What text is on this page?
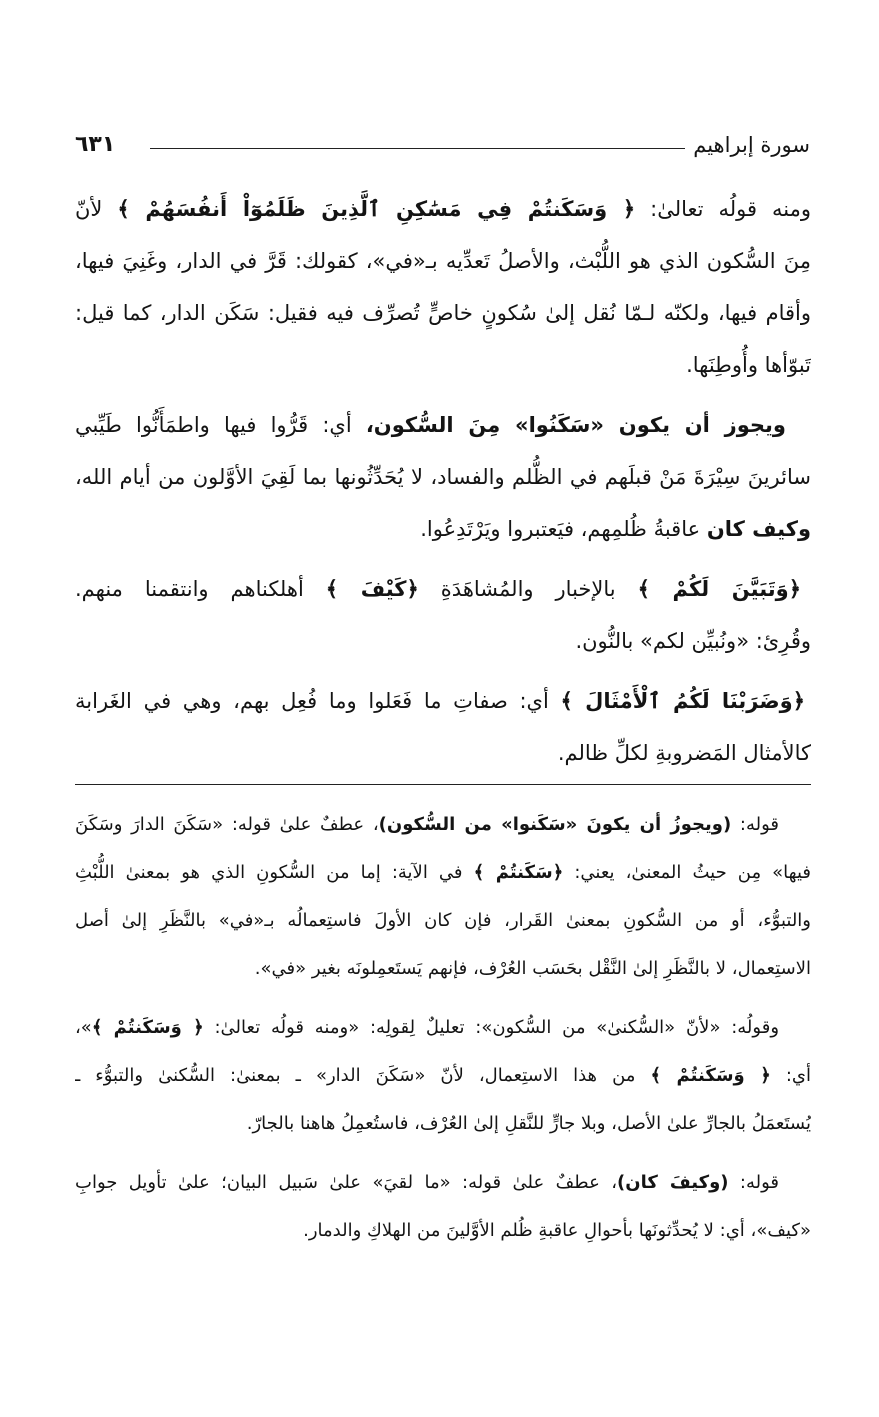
سورة إبراهيم
٦٣١
ومنه قولُه تعالىٰ: ﴿ وَسَكَنتُمْ فِي مَسَٰكِنِ ٱلَّذِينَ ظَلَمُوٓاْ أَنفُسَهُمْ ﴾ لأنّ
مِنَ السُّكون الذي هو اللُّبْث، والأصلُ تَعدِّيه بـ«في»، كقولك: قَرَّ في الدار، وغَنِيَ فيها،
وأقام فيها، ولكنّه لـمّا نُقل إلىٰ سُكونٍ خاصٍّ تُصرِّف فيه فقيل: سَكَن الدار، كما قيل:
تَبوّأها وأُوطِنَها.
ويجوز أن يكون «سَكَنُوا» مِنَ السُّكون، أي: قَرُّوا فيها واطمَأَنُّوا طَيِّبي
سائرينَ سِيْرَةَ مَنْ قبلَهم في الظُّلم والفساد، لا يُحَدِّثُونها بما لَقِيَ الأوَّلون من أيام الله،
وكيف كان عاقبةُ ظُلمِهم، فيَعتبروا ويَرْتَدِعُوا.
﴿وَتَبَيَّنَ لَكُمْ ﴾ بالإخبار والمُشاهَدَةِ ﴿كَيْفَ ﴾ أهلكناهم وانتقمنا منهم.
وقُرِئ: «ونُبيِّن لكم» بالنُّون.
﴿وَضَرَبْنَا لَكُمُ ٱلْأَمْثَالَ ﴾ أي: صفاتِ ما فَعَلوا وما فُعِل بهم، وهي في الغَرابة
كالأمثال المَضروبةِ لكلِّ ظالم.
قوله: (ويجوزُ أن يكونَ «سَكَنوا» من السُّكون)، عطفٌ علىٰ قوله: «سَكَنَ الدارَ وسَكَنَ
فيها» مِن حيثُ المعنىٰ، يعني: ﴿سَكَنتُمْ ﴾ في الآية: إما من السُّكونِ الذي هو بمعنىٰ اللُّبْثِ
والتبوُّء، أو من السُّكونِ بمعنىٰ القَرار، فإن كان الأولَ فاستِعمالُه بـ«في» بالنَّظَرِ إلىٰ أصل
الاستِعمال، لا بالنَّظَرِ إلىٰ النَّقْل بحَسَب العُرْف، فإنهم يَستَعمِلونَه بغير «في».
وقولُه: «لأنّ «السُّكنىٰ» من السُّكون»: تعليلٌ لِقولِه: «ومنه قولُه تعالىٰ: ﴿ وَسَكَنتُمْ ﴾»،
أي: ﴿ وَسَكَنتُمْ ﴾ من هذا الاستِعمال، لأنّ «سَكَنَ الدار» ـ بمعنىٰ: السُّكنىٰ والتبوُّء ـ
يُستَعمَلُ بالجارِّ علىٰ الأصل، وبلا جارٍّ للنَّقلِ إلىٰ العُرْف، فاستُعمِلُ هاهنا بالجارّ.
قوله: (وكيفَ كان)، عطفٌ علىٰ قوله: «ما لقيَ» علىٰ سَبيل البيان؛ علىٰ تأويل جوابِ
«كيف»، أي: لا يُحدِّثونَها بأحوالِ عاقبةِ ظُلم الأوَّلينَ من الهلاكِ والدمار.
